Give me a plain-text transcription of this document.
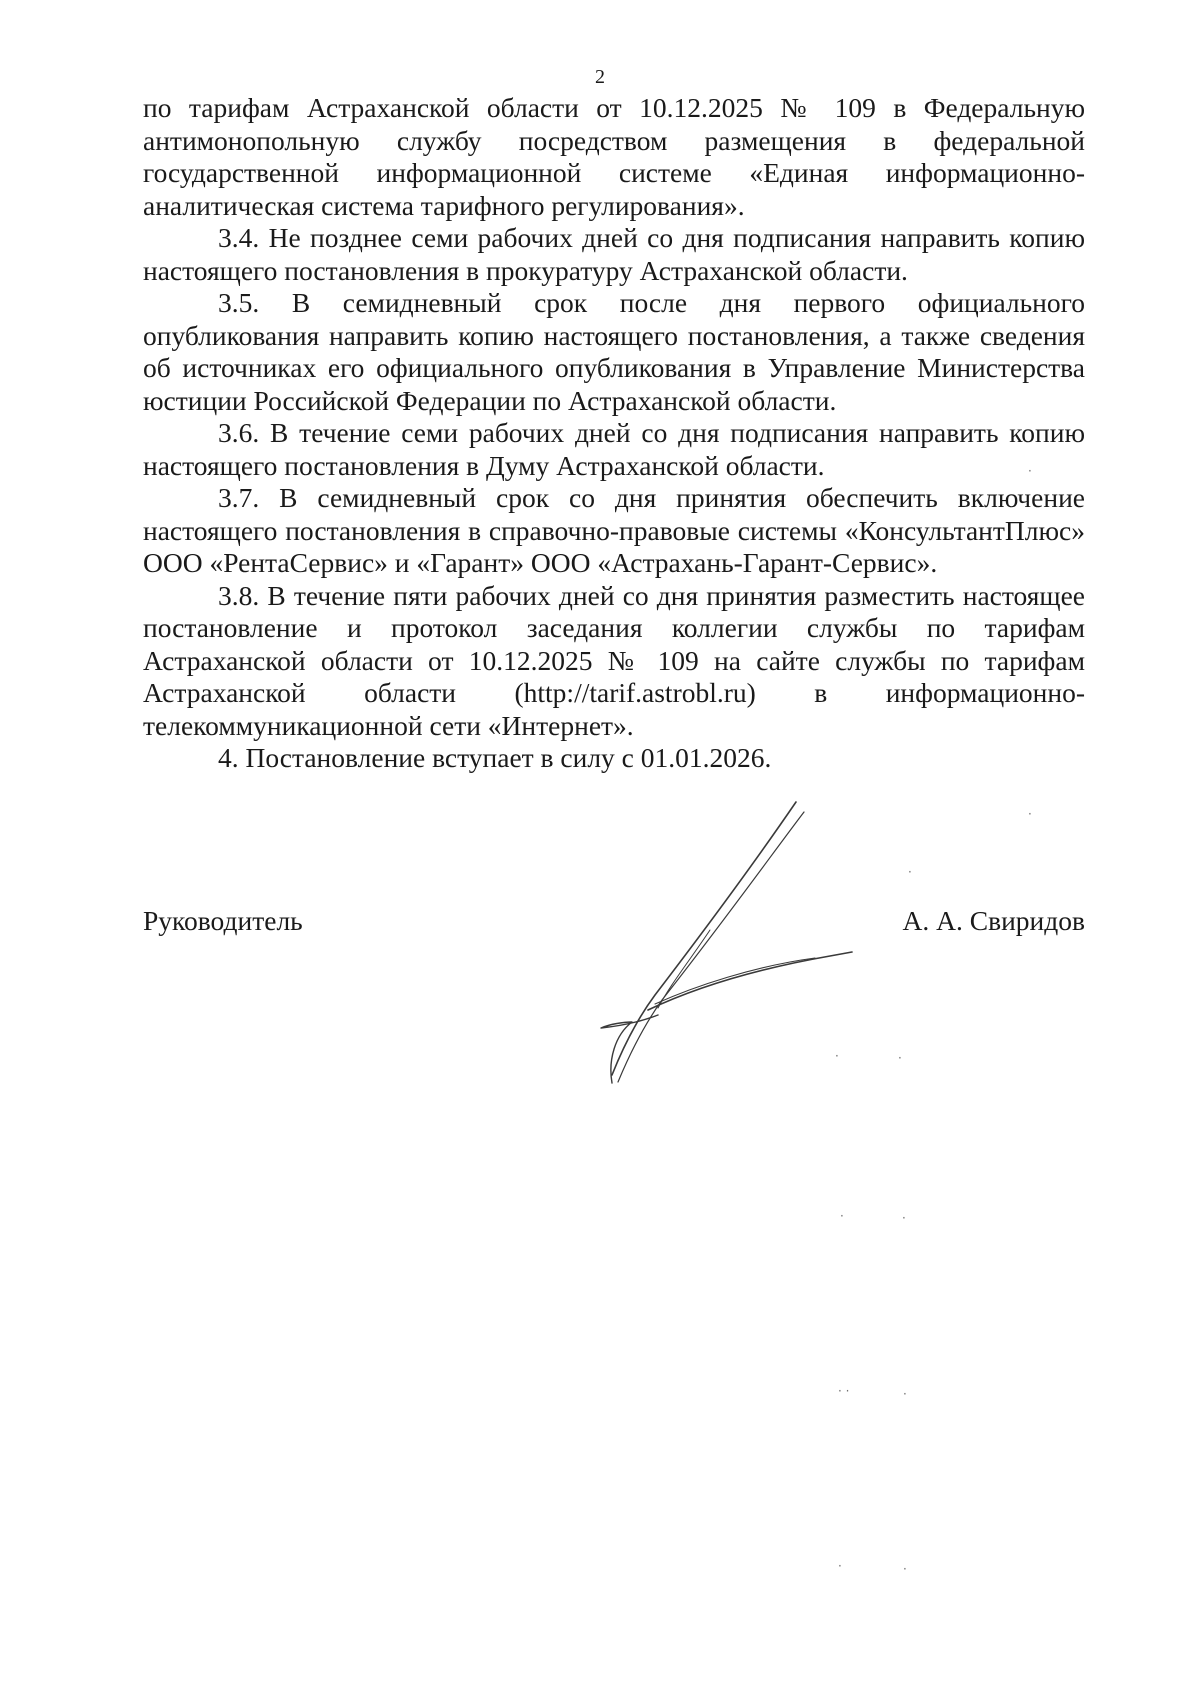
2

по тарифам Астраханской области от 10.12.2025 № 109 в Федеральную антимонопольную службу посредством размещения в федеральной государственной информационной системе «Единая информационно-аналитическая система тарифного регулирования».

3.4. Не позднее семи рабочих дней со дня подписания направить копию настоящего постановления в прокуратуру Астраханской области.

3.5. В семидневный срок после дня первого официального опубликования направить копию настоящего постановления, а также сведения об источниках его официального опубликования в Управление Министерства юстиции Российской Федерации по Астраханской области.

3.6. В течение семи рабочих дней со дня подписания направить копию настоящего постановления в Думу Астраханской области.

3.7. В семидневный срок со дня принятия обеспечить включение настоящего постановления в справочно-правовые системы «КонсультантПлюс» ООО «РентаСервис» и «Гарант» ООО «Астрахань-Гарант-Сервис».

3.8. В течение пяти рабочих дней со дня принятия разместить настоящее постановление и протокол заседания коллегии службы по тарифам Астраханской области от 10.12.2025 № 109 на сайте службы по тарифам Астраханской области (http://tarif.astrobl.ru) в информационно-телекоммуникационной сети «Интернет».

4. Постановление вступает в силу с 01.01.2026.

Руководитель	А. А. Свиридов
·
·	·
·	·
· ·	·
·	·
·
·
